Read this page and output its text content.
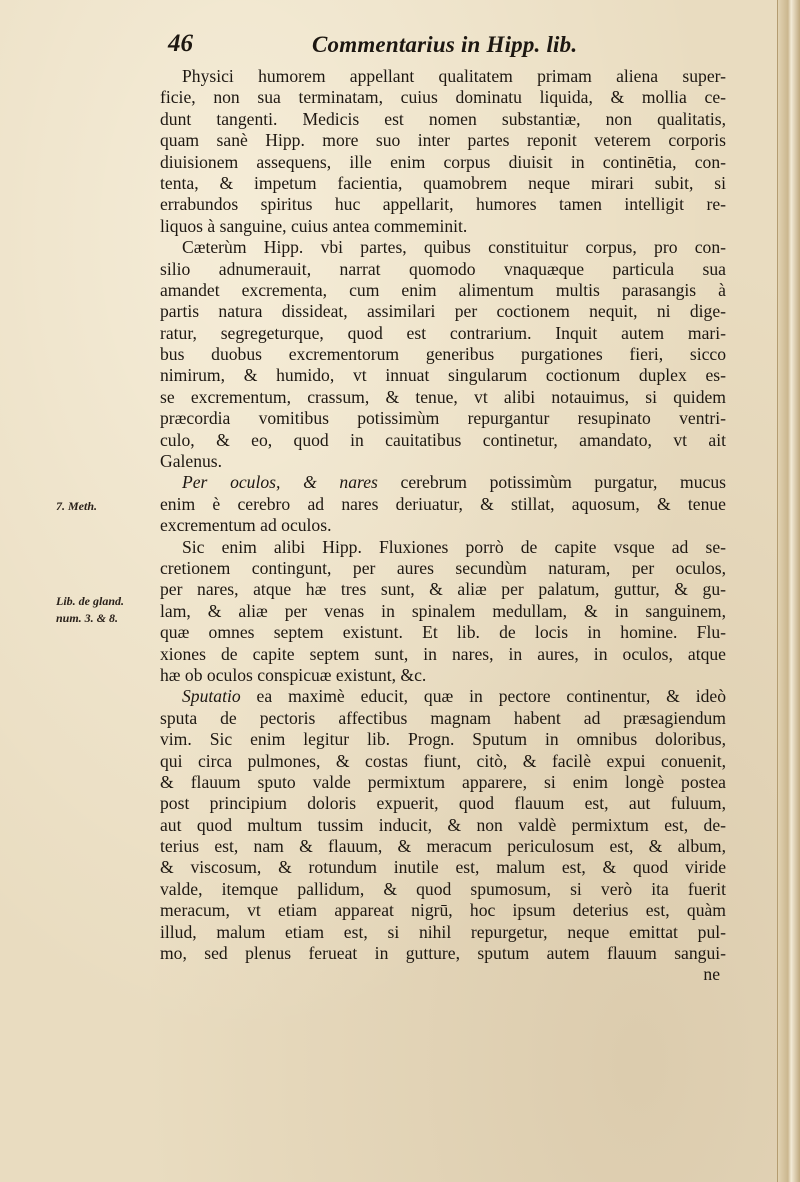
46	Commentarius in Hipp. lib.
7. Meth.
Lib. de gland.
num. 3. & 8.
Physici humorem appellant qualitatem primam aliena super-
ficie, non sua terminatam, cuius dominatu liquida, & mollia ce-
dunt tangenti. Medicis est nomen substantiæ, non qualitatis,
quam sanè Hipp. more suo inter partes reponit veterem corporis
diuisionem assequens, ille enim corpus diuisit in continētia, con-
tenta, & impetum facientia, quamobrem neque mirari subit, si
errabundos spiritus huc appellarit, humores tamen intelligit re-
liquos à sanguine, cuius antea commeminit.
Cæterùm Hipp. vbi partes, quibus constituitur corpus, pro con-
silio adnumerauit, narrat quomodo vnaquæque particula sua
amandet excrementa, cum enim alimentum multis parasangis à
partis natura dissideat, assimilari per coctionem nequit, ni dige-
ratur, segregeturque, quod est contrarium. Inquit autem mari-
bus duobus excrementorum generibus purgationes fieri, sicco
nimirum, & humido, vt innuat singularum coctionum duplex es-
se excrementum, crassum, & tenue, vt alibi notauimus, si quidem
præcordia vomitibus potissimùm repurgantur resupinato ventri-
culo, & eo, quod in cauitatibus continetur, amandato, vt ait
Galenus.
Per oculos, & nares cerebrum potissimùm purgatur, mucus
enim è cerebro ad nares deriuatur, & stillat, aquosum, & tenue
excrementum ad oculos.
Sic enim alibi Hipp. Fluxiones porrò de capite vsque ad se-
cretionem contingunt, per aures secundùm naturam, per oculos,
per nares, atque hæ tres sunt, & aliæ per palatum, guttur, & gu-
lam, & aliæ per venas in spinalem medullam, & in sanguinem,
quæ omnes septem existunt. Et lib. de locis in homine. Flu-
xiones de capite septem sunt, in nares, in aures, in oculos, atque
hæ ob oculos conspicuæ existunt, &c.
Sputatio ea maximè educit, quæ in pectore continentur, & ideò
sputa de pectoris affectibus magnam habent ad præsagiendum
vim. Sic enim legitur lib. Progn. Sputum in omnibus doloribus,
qui circa pulmones, & costas fiunt, citò, & facilè expui conuenit,
& flauum sputo valde permixtum apparere, si enim longè postea
post principium doloris expuerit, quod flauum est, aut fuluum,
aut quod multum tussim inducit, & non valdè permixtum est, de-
terius est, nam & flauum, & meracum periculosum est, & album,
& viscosum, & rotundum inutile est, malum est, & quod viride
valde, itemque pallidum, & quod spumosum, si verò ita fuerit
meracum, vt etiam appareat nigrū, hoc ipsum deterius est, quàm
illud, malum etiam est, si nihil repurgetur, neque emittat pul-
mo, sed plenus ferueat in gutture, sputum autem flauum sangui-
ne
